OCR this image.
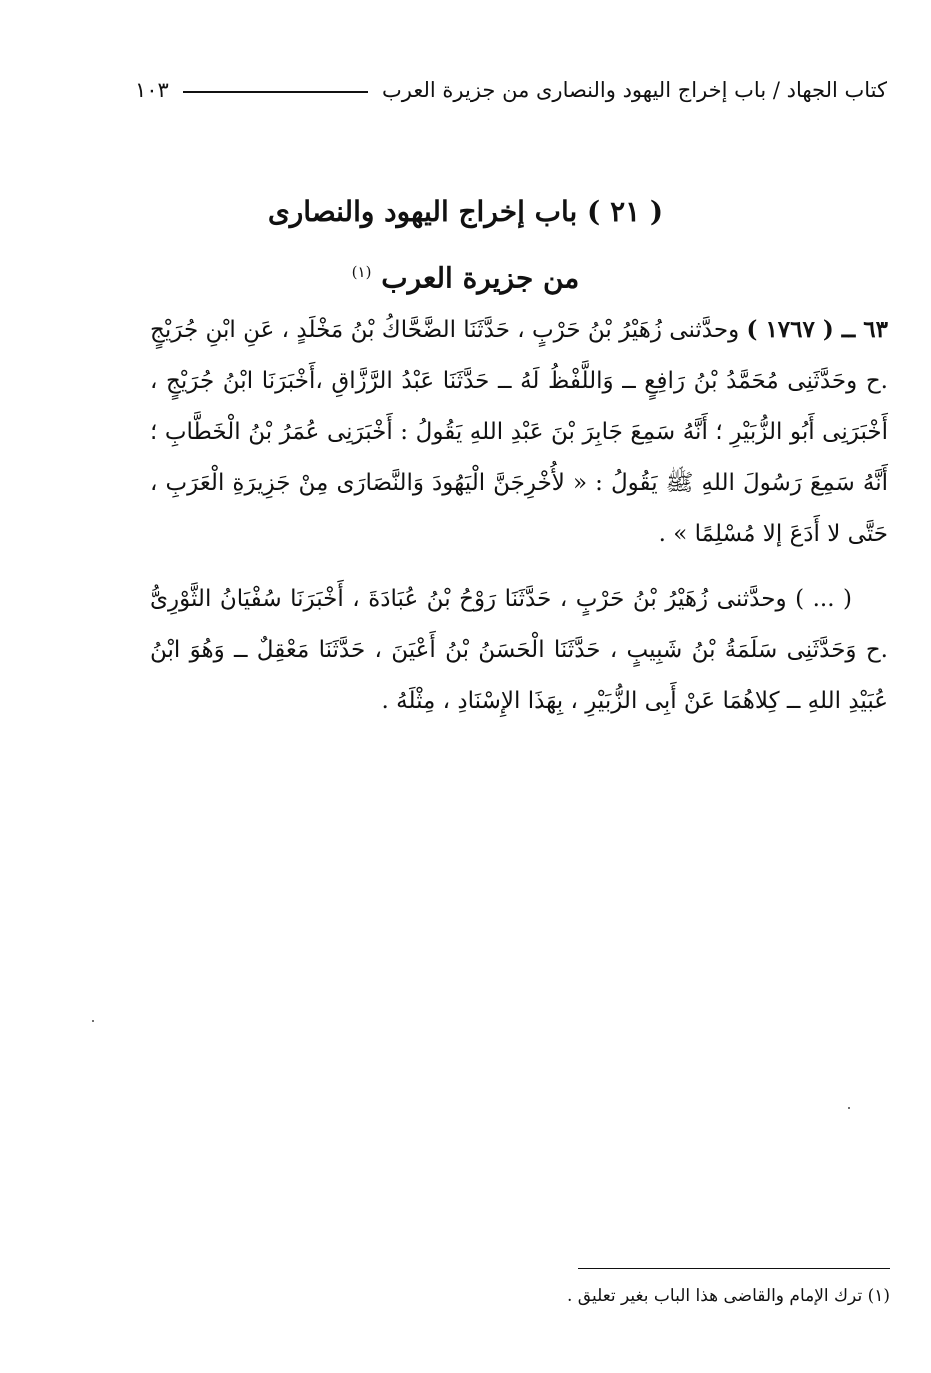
كتاب الجهاد / باب إخراج اليهود والنصارى من جزيرة العرب
١٠٣
( ٢١ ) باب إخراج اليهود والنصارى
من جزيرة العرب $^{(١)}$

٦٣ ــ ( ١٧٦٧ ) وحدَّثنى زُهَيْرُ بْنُ حَرْبٍ ، حَدَّثَنَا الضَّحَّاكُ بْنُ مَخْلَدٍ ، عَنِ ابْنِ جُرَيْجٍ .ح وحَدَّثَنِى مُحَمَّدُ بْنُ رَافِعٍ ــ وَاللَّفْظُ لَهُ ــ حَدَّثَنَا عَبْدُ الرَّزَّاقِ ،أَخْبَرَنَا ابْنُ جُرَيْجٍ ، أَخْبَرَنِى أَبُو الزُّبَيْرِ ؛ أَنَّهُ سَمِعَ جَابِرَ بْنَ عَبْدِ اللهِ يَقُولُ : أَخْبَرَنِى عُمَرُ بْنُ الْخَطَّابِ ؛ أَنَّهُ سَمِعَ رَسُولَ اللهِ ﷺ يَقُولُ : « لأُخْرِجَنَّ الْيَهُودَ وَالنَّصَارَى مِنْ جَزِيرَةِ الْعَرَبِ ، حَتَّى لا أَدَعَ إلا مُسْلِمًا » .

( ... ) وحدَّثنى زُهَيْرُ بْنُ حَرْبٍ ، حَدَّثَنَا رَوْحُ بْنُ عُبَادَةَ ، أَخْبَرَنَا سُفْيَانُ الثَّوْرِىُّ .ح وَحَدَّثَنِى سَلَمَةُ بْنُ شَبِيبٍ ، حَدَّثَنَا الْحَسَنُ بْنُ أَعْيَنَ ، حَدَّثَنَا مَعْقِلٌ ــ وَهُوَ ابْنُ عُبَيْدِ اللهِ ــ كِلاهُمَا عَنْ أَبِى الزُّبَيْرِ ، بِهَذَا الإِسْنَادِ ، مِثْلَهُ .

(١) ترك الإمام والقاضى هذا الباب بغير تعليق .
